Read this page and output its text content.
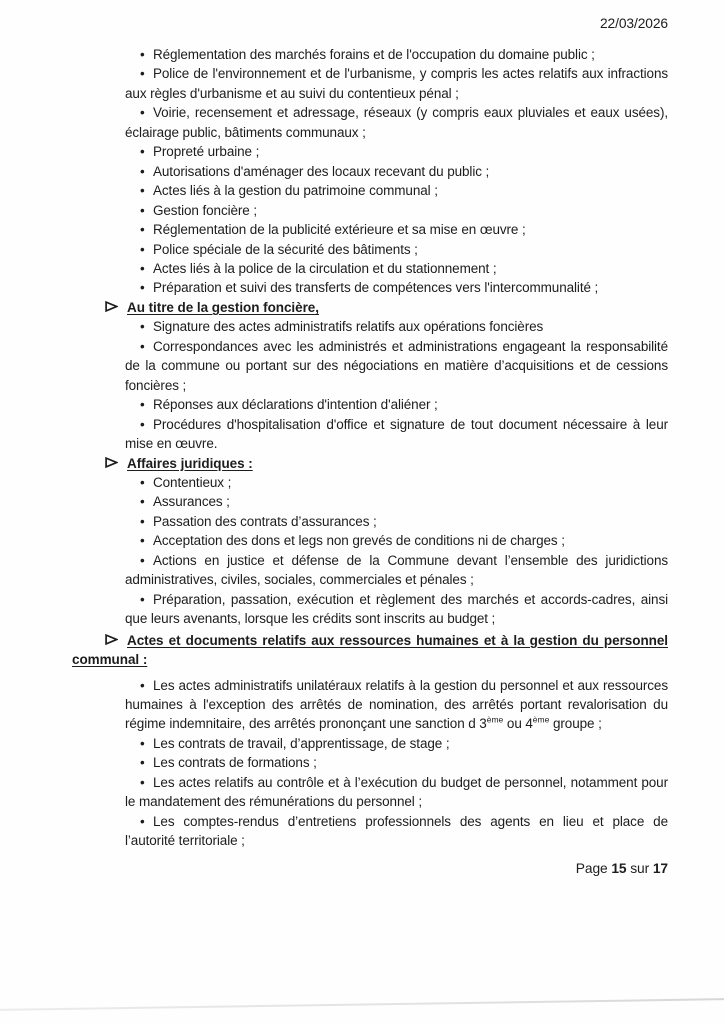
22/03/2026

• Réglementation des marchés forains et de l'occupation du domaine public ;

• Police de l'environnement et de l'urbanisme, y compris les actes relatifs aux infractions aux règles d'urbanisme et au suivi du contentieux pénal ;

• Voirie, recensement et adressage, réseaux (y compris eaux pluviales et eaux usées), éclairage public, bâtiments communaux ;

• Propreté urbaine ;

• Autorisations d'aménager des locaux recevant du public ;

• Actes liés à la gestion du patrimoine communal ;

• Gestion foncière ;

• Réglementation de la publicité extérieure et sa mise en œuvre ;

• Police spéciale de la sécurité des bâtiments ;

• Actes liés à la police de la circulation et du stationnement ;

• Préparation et suivi des transferts de compétences vers l'intercommunalité ;

Au titre de la gestion foncière,

• Signature des actes administratifs relatifs aux opérations foncières

• Correspondances avec les administrés et administrations engageant la responsabilité de la commune ou portant sur des négociations en matière d’acquisitions et de cessions foncières ;

• Réponses aux déclarations d'intention d'aliéner ;

• Procédures d'hospitalisation d'office et signature de tout document nécessaire à leur mise en œuvre.

Affaires juridiques :

• Contentieux ;

• Assurances ;

• Passation des contrats d’assurances ;

• Acceptation des dons et legs non grevés de conditions ni de charges ;

• Actions en justice et défense de la Commune devant l’ensemble des juridictions administratives, civiles, sociales, commerciales et pénales ;

• Préparation, passation, exécution et règlement des marchés et accords-cadres, ainsi que leurs avenants, lorsque les crédits sont inscrits au budget ;

Actes et documents relatifs aux ressources humaines et à la gestion du personnel communal :

• Les actes administratifs unilatéraux relatifs à la gestion du personnel et aux ressources humaines à l'exception des arrêtés de nomination, des arrêtés portant revalorisation du régime indemnitaire, des arrêtés prononçant une sanction d 3ème ou 4ème groupe ;

• Les contrats de travail, d’apprentissage, de stage ;

• Les contrats de formations ;

• Les actes relatifs au contrôle et à l’exécution du budget de personnel, notamment pour le mandatement des rémunérations du personnel ;

• Les comptes-rendus d’entretiens professionnels des agents en lieu et place de l’autorité territoriale ;

Page 15 sur 17
